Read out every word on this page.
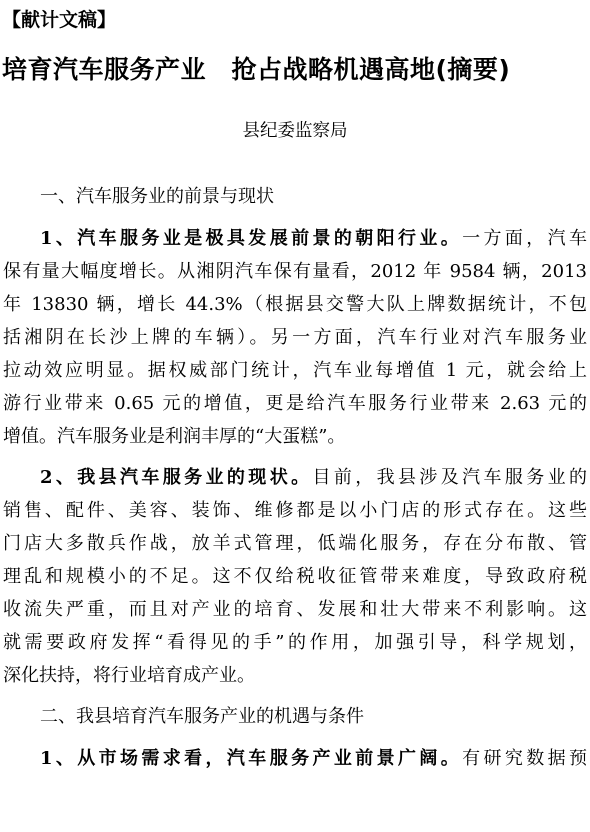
【献计文稿】
培育汽车服务产业　抢占战略机遇高地(摘要)
县纪委监察局
一、汽车服务业的前景与现状
1、汽车服务业是极具发展前景的朝阳行业。一方面，汽车
保有量大幅度增长。从湘阴汽车保有量看，2012 年 9584 辆，2013
年 13830 辆，增长 44.3%（根据县交警大队上牌数据统计，不包
括湘阴在长沙上牌的车辆）。另一方面，汽车行业对汽车服务业
拉动效应明显。据权威部门统计，汽车业每增值 1 元，就会给上
游行业带来 0.65 元的增值，更是给汽车服务行业带来 2.63 元的
增值。汽车服务业是利润丰厚的“大蛋糕”。
2、我县汽车服务业的现状。目前，我县涉及汽车服务业的
销售、配件、美容、装饰、维修都是以小门店的形式存在。这些
门店大多散兵作战，放羊式管理，低端化服务，存在分布散、管
理乱和规模小的不足。这不仅给税收征管带来难度，导致政府税
收流失严重，而且对产业的培育、发展和壮大带来不利影响。这
就需要政府发挥“看得见的手”的作用，加强引导，科学规划，
深化扶持，将行业培育成产业。
二、我县培育汽车服务产业的机遇与条件
1、从市场需求看，汽车服务产业前景广阔。有研究数据预
